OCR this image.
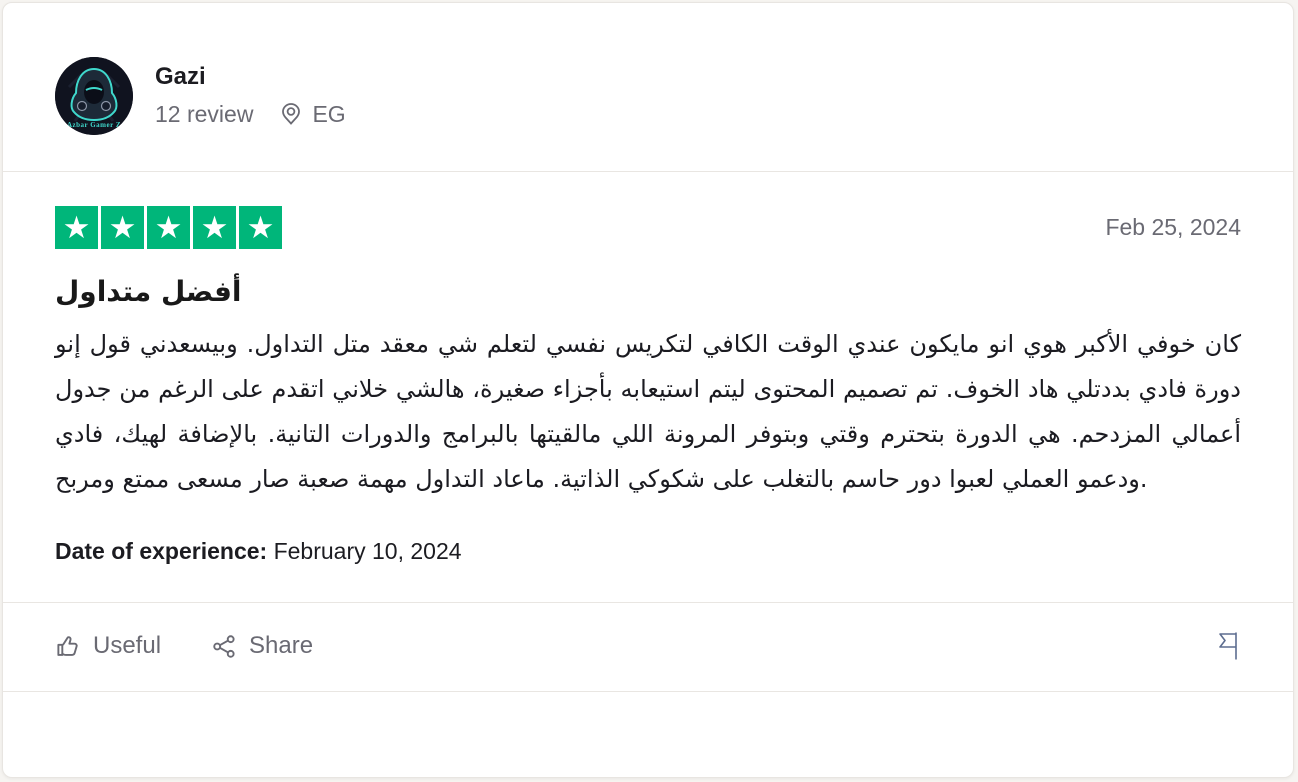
Azbar Gamer Z
Gazi
12 review	EG
★ ★ ★ ★ ★	Feb 25, 2024
أفضل متداول

كان خوفي الأكبر هوي انو مايكون عندي الوقت الكافي لتكريس نفسي لتعلم شي معقد متل التداول. وبيسعدني قول إنو دورة فادي بددتلي هاد الخوف. تم تصميم المحتوى ليتم استيعابه بأجزاء صغيرة، هالشي خلاني اتقدم على الرغم من جدول أعمالي المزدحم. هي الدورة بتحترم وقتي وبتوفر المرونة اللي مالقيتها بالبرامج والدورات التانية. بالإضافة لهيك، فادي ودعمو العملي لعبوا دور حاسم بالتغلب على شكوكي الذاتية. ماعاد التداول مهمة صعبة صار مسعى ممتع ومربح.

Date of experience: February 10, 2024
Useful	Share
